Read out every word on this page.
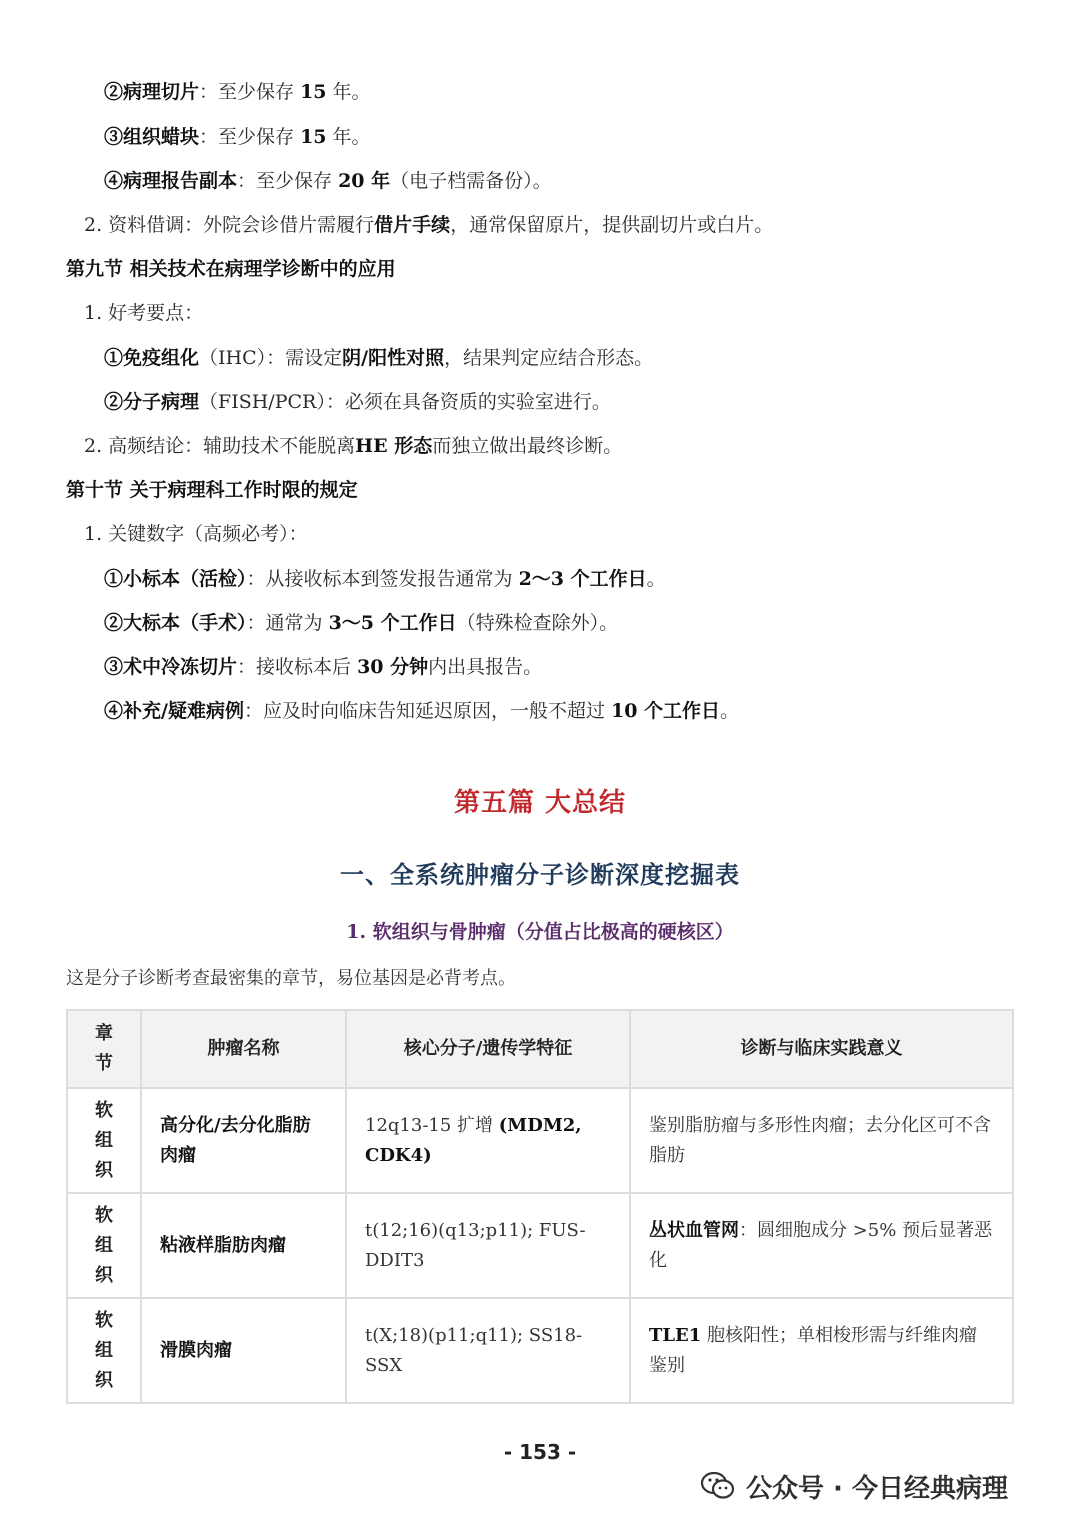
②病理切片：至少保存 15 年。
③组织蜡块：至少保存 15 年。
④病理报告副本：至少保存 20 年（电子档需备份）。
2. 资料借调：外院会诊借片需履行借片手续，通常保留原片，提供副切片或白片。
第九节 相关技术在病理学诊断中的应用
1. 好考要点：
①免疫组化（IHC）：需设定阴/阳性对照，结果判定应结合形态。
②分子病理（FISH/PCR）：必须在具备资质的实验室进行。
2. 高频结论：辅助技术不能脱离HE 形态而独立做出最终诊断。
第十节 关于病理科工作时限的规定
1. 关键数字（高频必考）：
①小标本（活检）：从接收标本到签发报告通常为 2～3 个工作日。
②大标本（手术）：通常为 3～5 个工作日（特殊检查除外）。
③术中冷冻切片：接收标本后 30 分钟内出具报告。
④补充/疑难病例：应及时向临床告知延迟原因，一般不超过 10 个工作日。
第五篇 大总结
一、全系统肿瘤分子诊断深度挖掘表
1. 软组织与骨肿瘤（分值占比极高的硬核区）
这是分子诊断考查最密集的章节，易位基因是必背考点。
章节	肿瘤名称	核心分子/遗传学特征	诊断与临床实践意义

软组织	高分化/去分化脂肪肉瘤	12q13-15 扩增 (MDM2, CDK4)	鉴别脂肪瘤与多形性肉瘤；去分化区可不含脂肪

软组织	粘液样脂肪肉瘤	t(12;16)(q13;p11); FUS-DDIT3	丛状血管网：圆细胞成分 >5% 预后显著恶化

软组织	滑膜肉瘤	t(X;18)(p11;q11); SS18-SSX	TLE1 胞核阳性；单相梭形需与纤维肉瘤鉴别
- 153 -
公众号 · 今日经典病理
